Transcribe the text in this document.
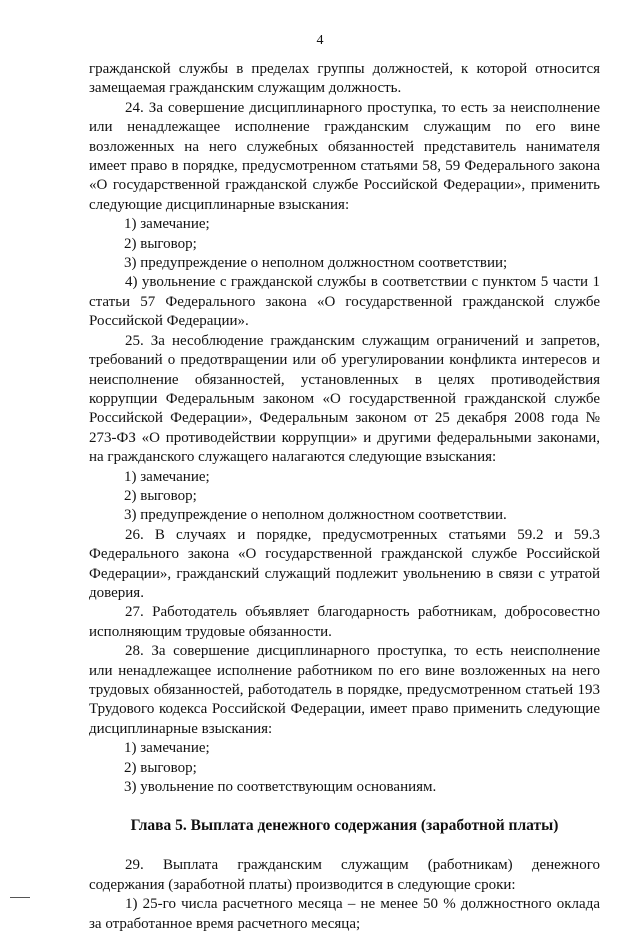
4

гражданской службы в пределах группы должностей, к которой относится замещаемая гражданским служащим должность.

24. За совершение дисциплинарного проступка, то есть за неисполнение или ненадлежащее исполнение гражданским служащим по его вине возложенных на него служебных обязанностей представитель нанимателя имеет право в порядке, предусмотренном статьями 58, 59 Федерального закона «О государственной гражданской службе Российской Федерации», применить следующие дисциплинарные взыскания:

1) замечание;

2) выговор;

3) предупреждение о неполном должностном соответствии;

4) увольнение с гражданской службы в соответствии с пунктом 5 части 1 статьи 57 Федерального закона «О государственной гражданской службе Российской Федерации».

25. За несоблюдение гражданским служащим ограничений и запретов, требований о предотвращении или об урегулировании конфликта интересов и неисполнение обязанностей, установленных в целях противодействия коррупции Федеральным законом «О государственной гражданской службе Российской Федерации», Федеральным законом от 25 декабря 2008 года № 273-ФЗ «О противодействии коррупции» и другими федеральными законами, на гражданского служащего налагаются следующие взыскания:

1) замечание;

2) выговор;

3) предупреждение о неполном должностном соответствии.

26. В случаях и порядке, предусмотренных статьями 59.2 и 59.3 Федерального закона «О государственной гражданской службе Российской Федерации», гражданский служащий подлежит увольнению в связи с утратой доверия.

27. Работодатель объявляет благодарность работникам, добросовестно исполняющим трудовые обязанности.

28. За совершение дисциплинарного проступка, то есть неисполнение или ненадлежащее исполнение работником по его вине возложенных на него трудовых обязанностей, работодатель в порядке, предусмотренном статьей 193 Трудового кодекса Российской Федерации, имеет право применить следующие дисциплинарные взыскания:

1) замечание;

2) выговор;

3) увольнение по соответствующим основаниям.

Глава 5. Выплата денежного содержания (заработной платы)

29. Выплата гражданским служащим (работникам) денежного содержания (заработной платы) производится в следующие сроки:

1) 25-го числа расчетного месяца – не менее 50 % должностного оклада за отработанное время расчетного месяца;
